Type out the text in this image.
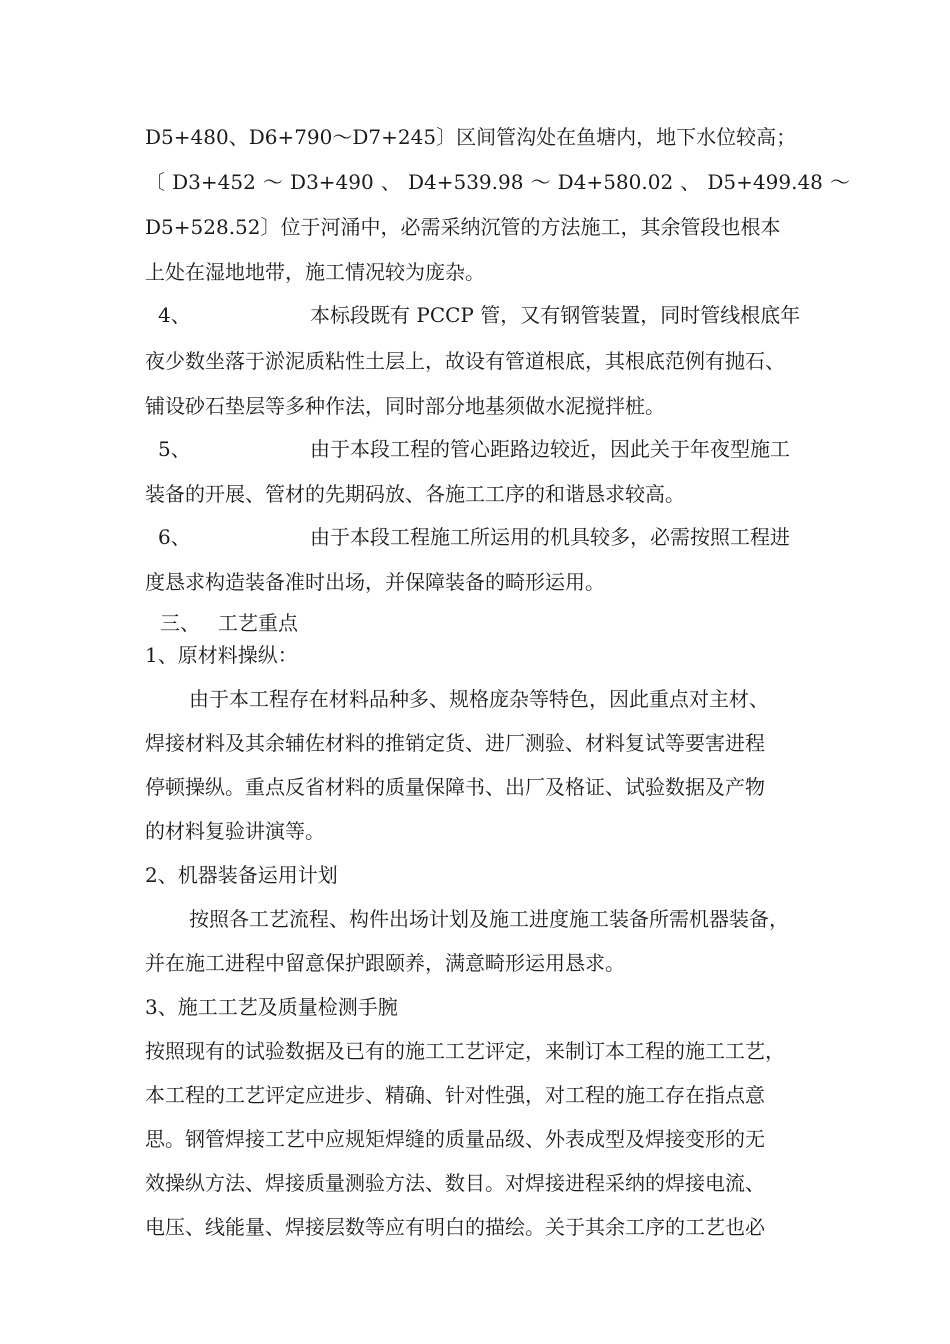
D5+480、D6+790～D7+245〕区间管沟处在鱼塘内，地下水位较高；
〔 D3+452 ～ D3+490 、 D4+539.98 ～ D4+580.02 、 D5+499.48 ～
D5+528.52〕位于河涌中，必需采纳沉管的方法施工，其余管段也根本
上处在湿地地带，施工情况较为庞杂。
4、	本标段既有 PCCP 管，又有钢管装置，同时管线根底年
夜少数坐落于淤泥质粘性土层上，故设有管道根底，其根底范例有抛石、
铺设砂石垫层等多种作法，同时部分地基须做水泥搅拌桩。
5、	由于本段工程的管心距路边较近，因此关于年夜型施工
装备的开展、管材的先期码放、各施工工序的和谐恳求较高。
6、	由于本段工程施工所运用的机具较多，必需按照工程进
度恳求构造装备准时出场，并保障装备的畸形运用。
三、 工艺重点
1、原材料操纵：
由于本工程存在材料品种多、规格庞杂等特色，因此重点对主材、
焊接材料及其余辅佐材料的推销定货、进厂测验、材料复试等要害进程
停顿操纵。重点反省材料的质量保障书、出厂及格证、试验数据及产物
的材料复验讲演等。
2、机器装备运用计划
按照各工艺流程、构件出场计划及施工进度施工装备所需机器装备，
并在施工进程中留意保护跟颐养，满意畸形运用恳求。
3、施工工艺及质量检测手腕
按照现有的试验数据及已有的施工工艺评定，来制订本工程的施工工艺，
本工程的工艺评定应进步、精确、针对性强，对工程的施工存在指点意
思。钢管焊接工艺中应规矩焊缝的质量品级、外表成型及焊接变形的无
效操纵方法、焊接质量测验方法、数目。对焊接进程采纳的焊接电流、
电压、线能量、焊接层数等应有明白的描绘。关于其余工序的工艺也必
